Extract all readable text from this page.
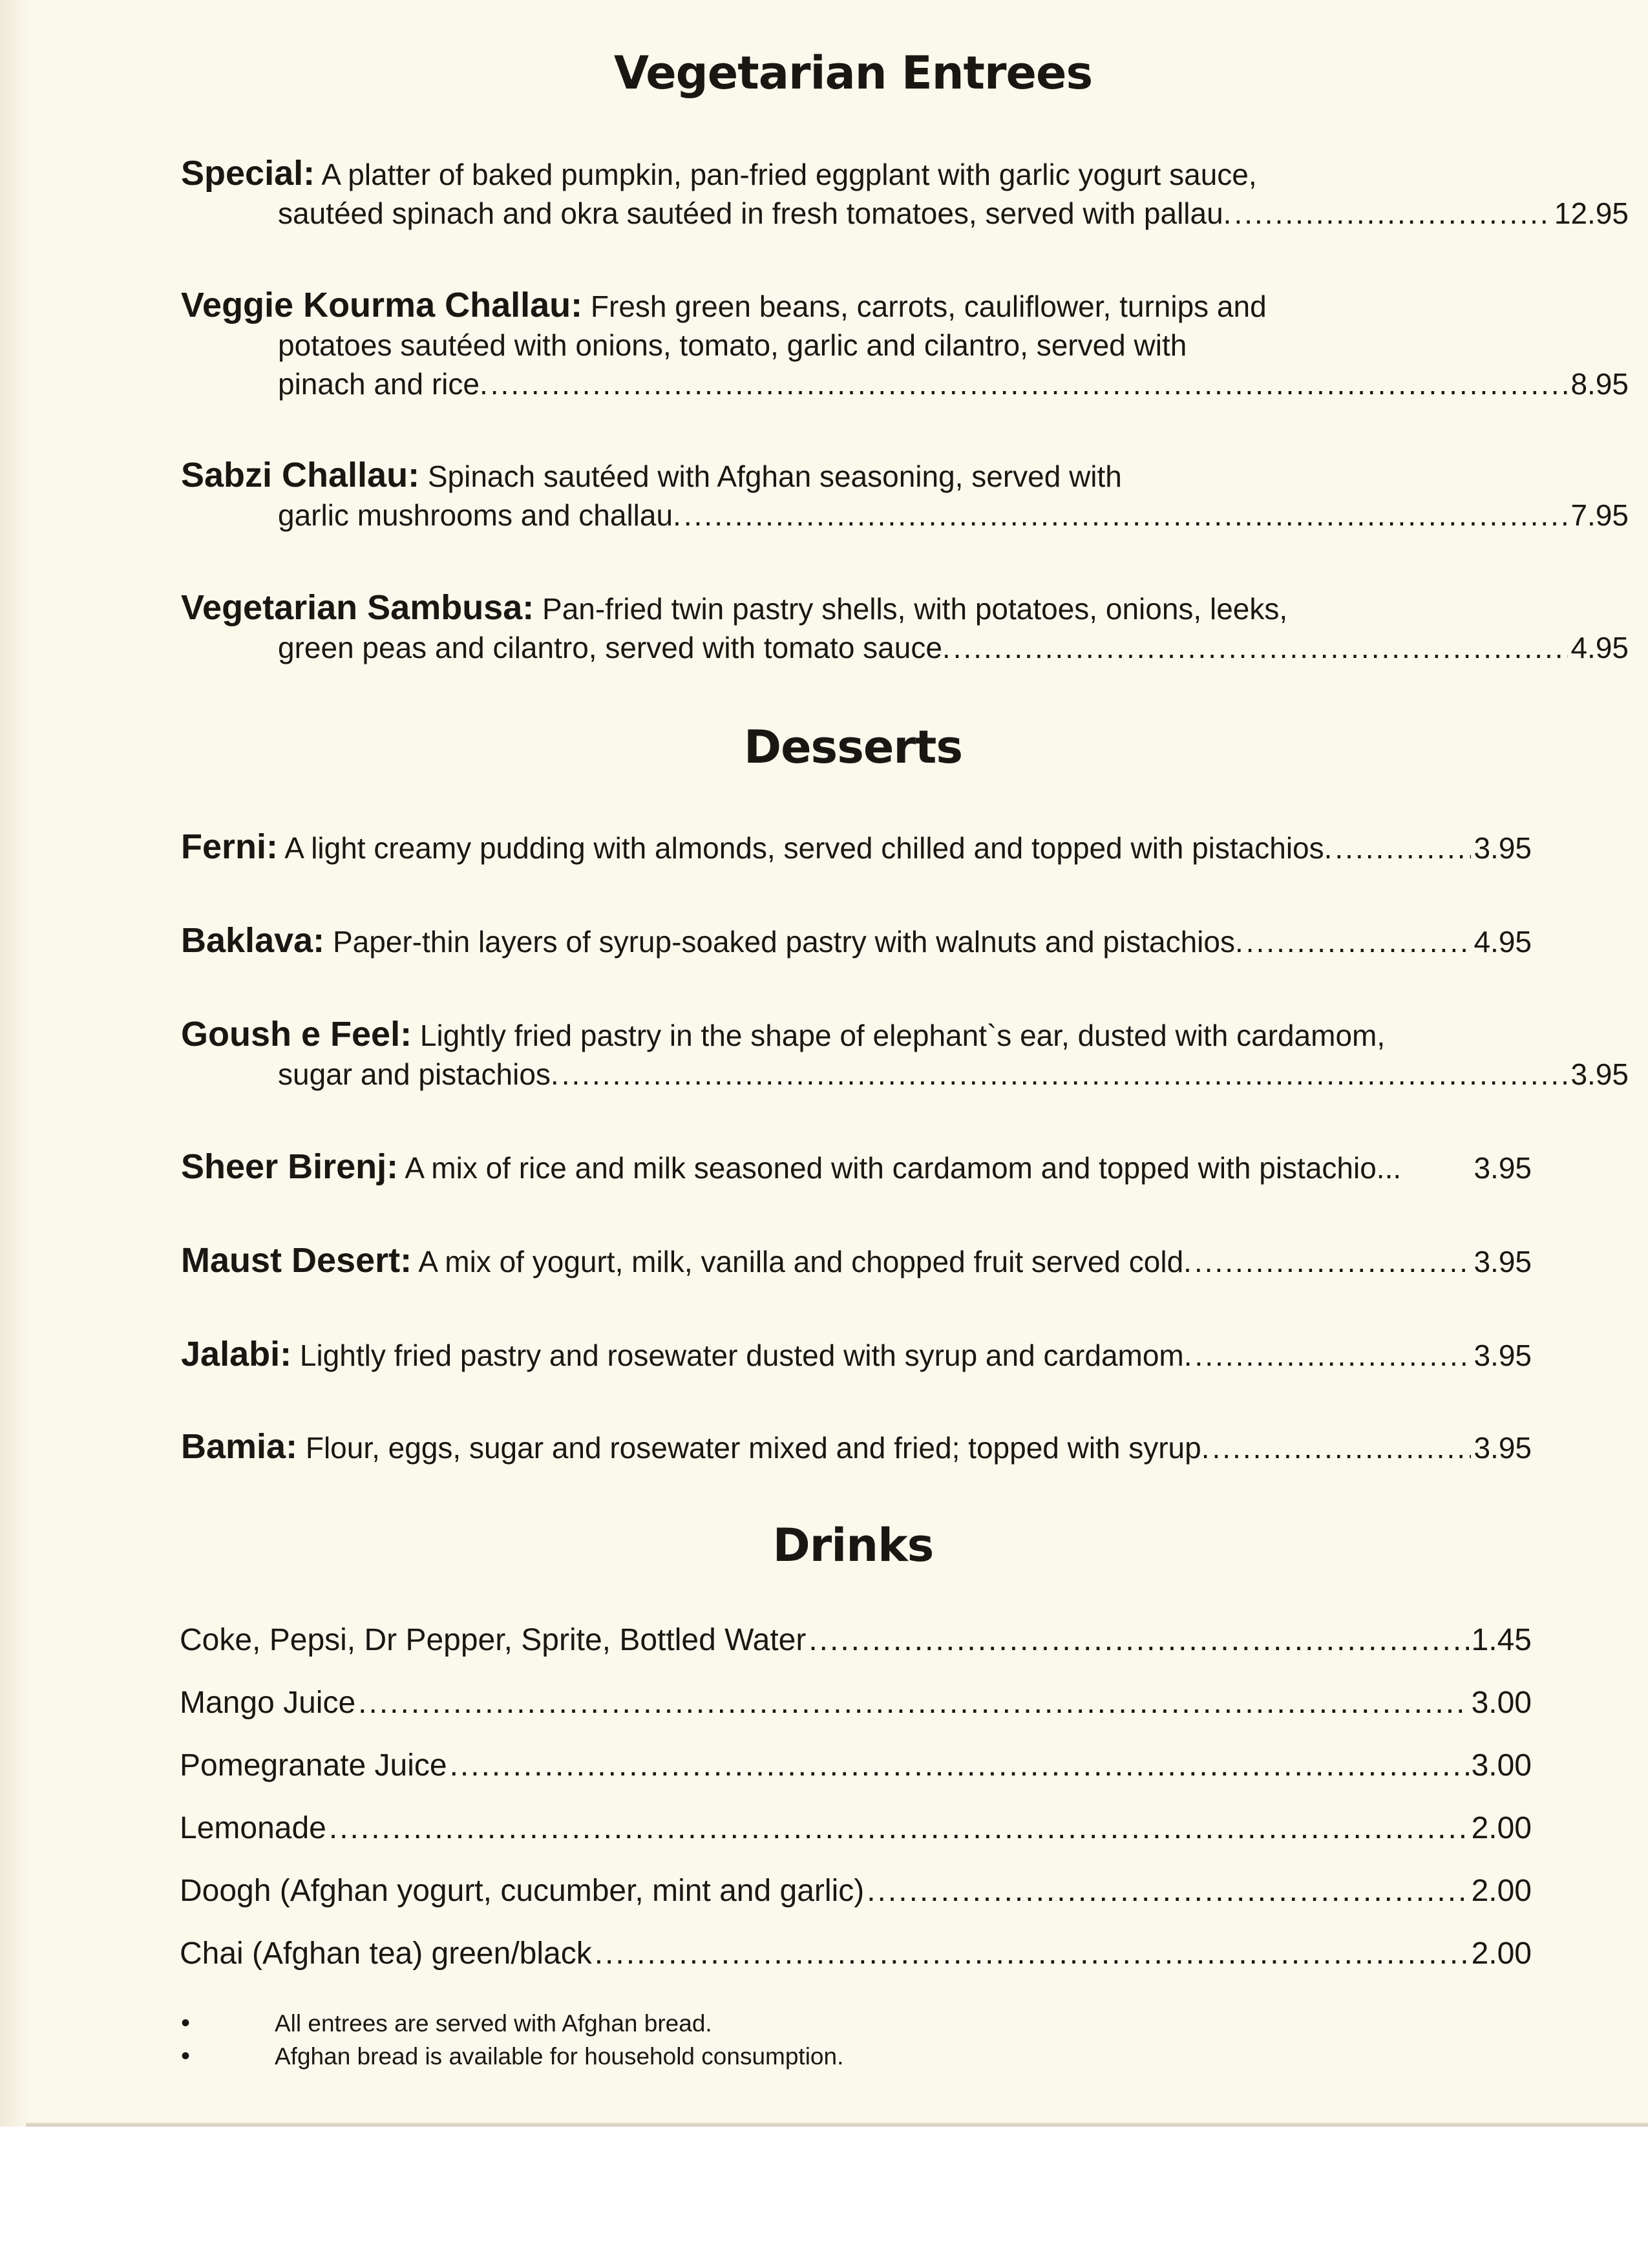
Vegetarian Entrees
Special: A platter of baked pumpkin, pan-fried eggplant with garlic yogurt sauce,
sautéed spinach and okra sautéed in fresh tomatoes, served with pallau. .....	12.95
Veggie Kourma Challau: Fresh green beans, carrots, cauliflower, turnips and
potatoes sautéed with onions, tomato, garlic and cilantro, served with
pinach and rice. .....	8.95
Sabzi Challau: Spinach sautéed with Afghan seasoning, served with
garlic mushrooms and challau. .....	7.95
Vegetarian Sambusa: Pan-fried twin pastry shells, with potatoes, onions, leeks,
green peas and cilantro, served with tomato sauce. .....	4.95
Desserts
Ferni: A light creamy pudding with almonds, served chilled and topped with pistachios. .....	3.95
Baklava: Paper-thin layers of syrup-soaked pastry with walnuts and pistachios. .....	4.95
Goush e Feel: Lightly fried pastry in the shape of elephant`s ear, dusted with cardamom,
sugar and pistachios. .....	3.95
Sheer Birenj: A mix of rice and milk seasoned with cardamom and topped with pistachio... 3.95
Maust Desert: A mix of yogurt, milk, vanilla and chopped fruit served cold. .....	3.95
Jalabi: Lightly fried pastry and rosewater dusted with syrup and cardamom. .....	3.95
Bamia: Flour, eggs, sugar and rosewater mixed and fried; topped with syrup. .....	3.95
Drinks
Coke, Pepsi, Dr Pepper, Sprite, Bottled Water .....	1.45
Mango Juice .....	3.00
Pomegranate Juice .....	3.00
Lemonade .....	2.00
Doogh (Afghan yogurt, cucumber, mint and garlic) .....	2.00
Chai (Afghan tea) green/black .....	2.00
•	All entrees are served with Afghan bread.
•	Afghan bread is available for household consumption.
